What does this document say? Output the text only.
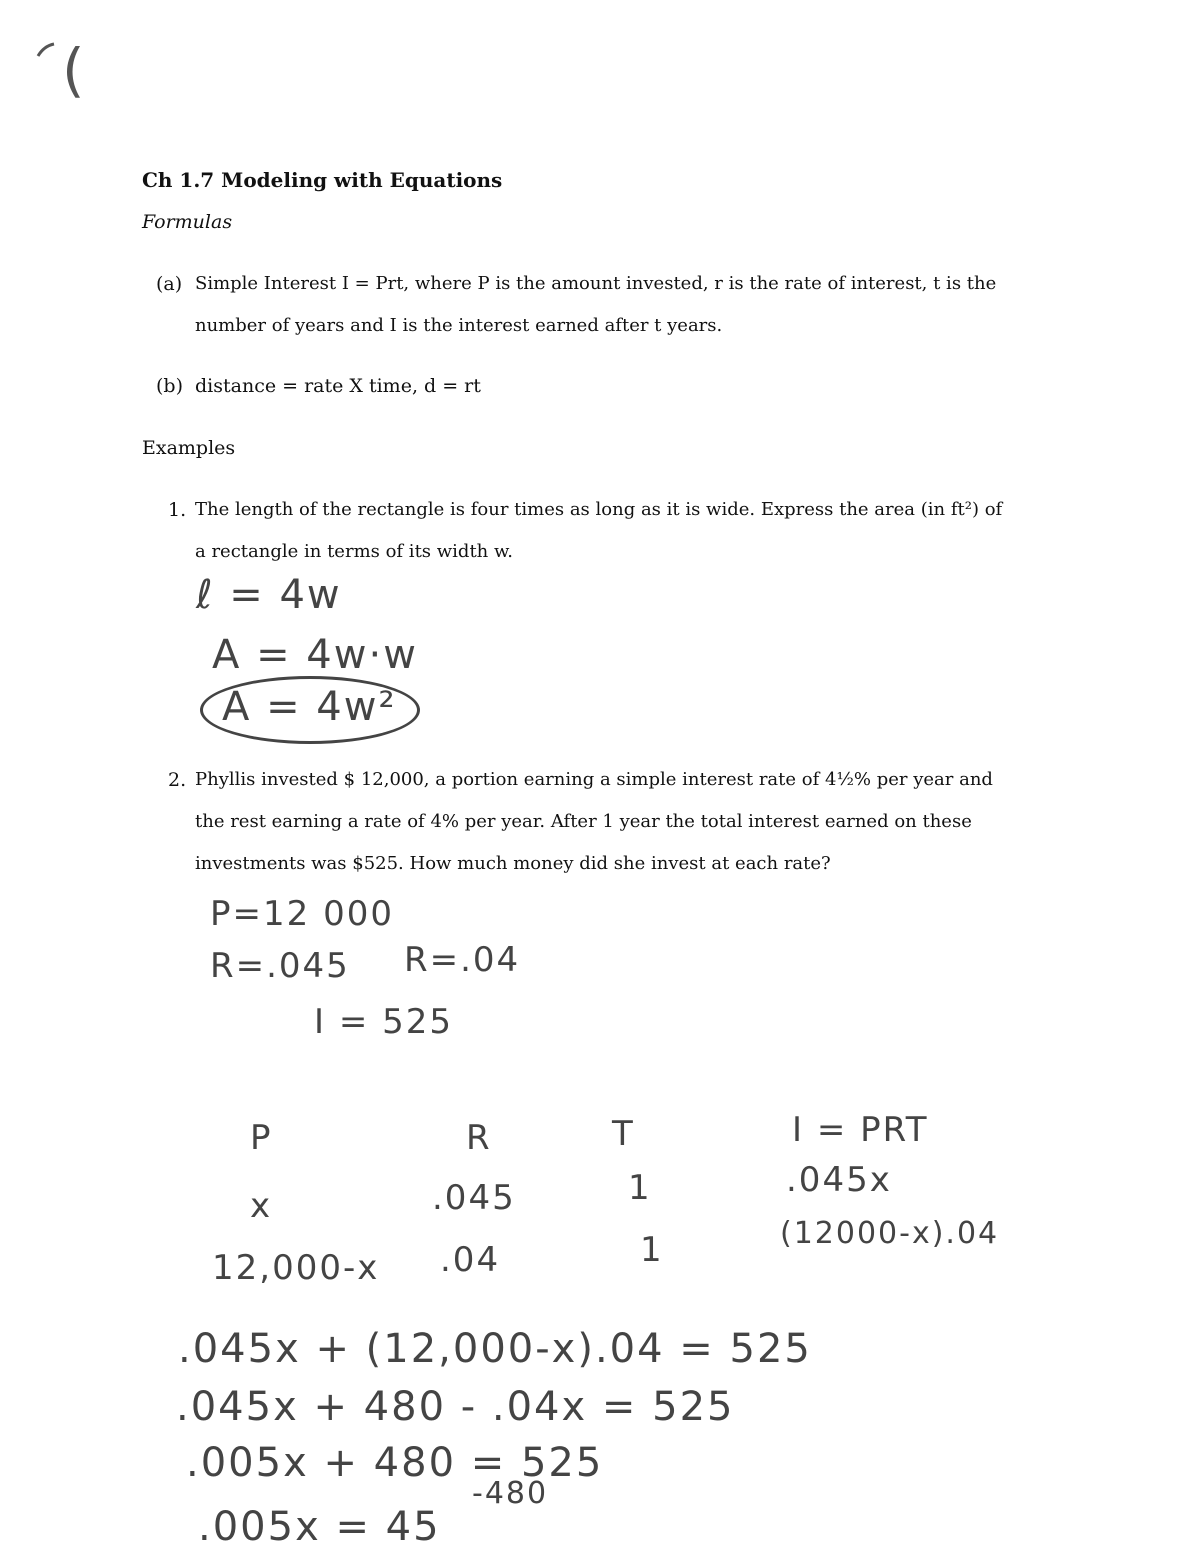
(
Ch 1.7 Modeling with Equations
Formulas
(a) Simple Interest I = Prt, where P is the amount invested, r is the rate of interest, t is the
number of years and I is the interest earned after t years.
(b) distance = rate X time, d = rt
Examples
1. The length of the rectangle is four times as long as it is wide. Express the area (in ft²) of
a rectangle in terms of its width w.
ℓ = 4w
A = 4w·w
A = 4w²
2. Phyllis invested $ 12,000, a portion earning a simple interest rate of 4½% per year and
the rest earning a rate of 4% per year. After 1 year the total interest earned on these
investments was $525. How much money did she invest at each rate?
P=12 000
R=.045 R=.04
I = 525
P	R	T	I = PRT
x	.045	1	.045x
12,000-x .04	1	(12000-x).04
.045x + (12,000-x).04 = 525
.045x + 480 - .04x = 525
.005x + 480 = 525
-480
.005x = 45
